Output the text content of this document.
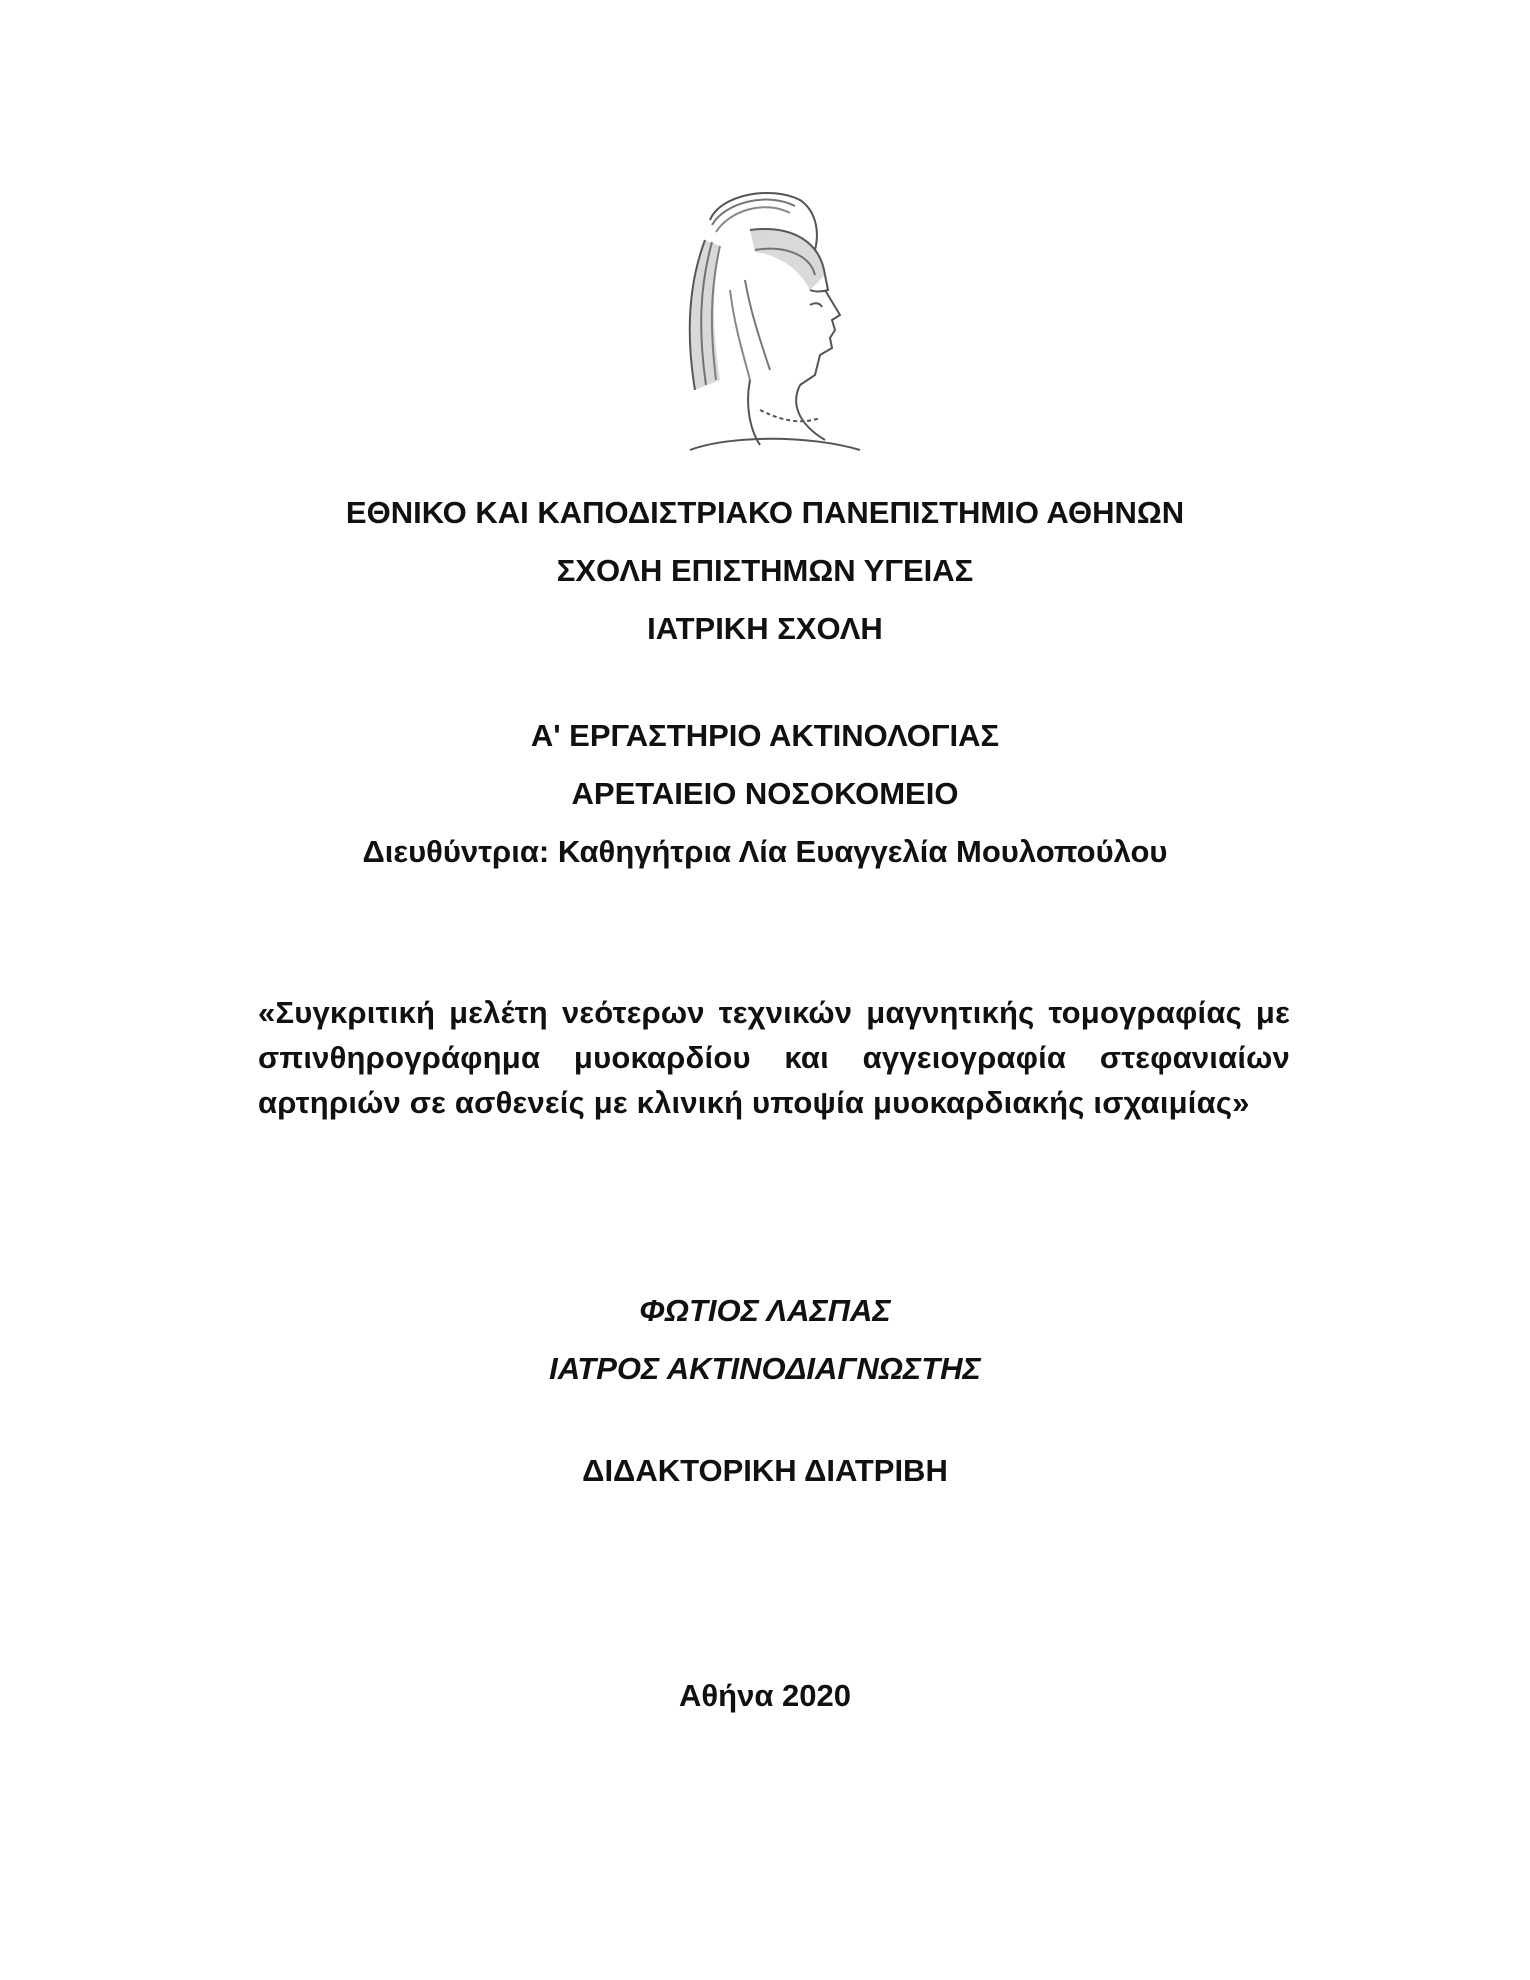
ΕΘΝΙΚΟ ΚΑΙ ΚΑΠΟΔΙΣΤΡΙΑΚΟ ΠΑΝΕΠΙΣΤΗΜΙΟ ΑΘΗΝΩΝ
ΣΧΟΛΗ ΕΠΙΣΤΗΜΩΝ ΥΓΕΙΑΣ
ΙΑΤΡΙΚΗ ΣΧΟΛΗ
Α' ΕΡΓΑΣΤΗΡΙΟ ΑΚΤΙΝΟΛΟΓΙΑΣ
ΑΡΕΤΑΙΕΙΟ ΝΟΣΟΚΟΜΕΙΟ
Διευθύντρια: Καθηγήτρια Λία Ευαγγελία Μουλοπούλου
«Συγκριτική μελέτη νεότερων τεχνικών μαγνητικής τομογραφίας με σπινθηρογράφημα μυοκαρδίου και αγγειογραφία στεφανιαίων αρτηριών σε ασθενείς με κλινική υποψία μυοκαρδιακής ισχαιμίας»
ΦΩΤΙΟΣ ΛΑΣΠΑΣ
ΙΑΤΡΟΣ ΑΚΤΙΝΟΔΙΑΓΝΩΣΤΗΣ
ΔΙΔΑΚΤΟΡΙΚΗ ΔΙΑΤΡΙΒΗ
Αθήνα 2020
